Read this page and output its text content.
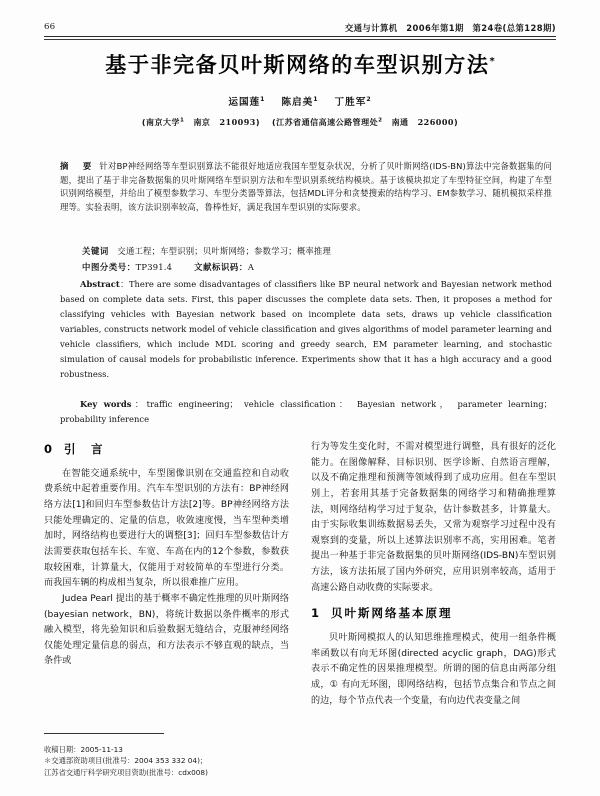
66	交通与计算机　2006年第1期　第24卷(总第128期)
基于非完备贝叶斯网络的车型识别方法*
运国莲$^1$ 陈启美$^1$ 丁胜军$^2$
(南京大学$^1$ 南京 210093) (江苏省通信高速公路管理处$^2$ 南通 226000)
摘　要 针对BP神经网络等车型识别算法不能很好地适应我国车型复杂状况，分析了贝叶斯网络(IDS-BN)算法中完备数据集的问题，提出了基于非完备数据集的贝叶斯网络车型识别方法和车型识别系统结构模块。基于该模块拟定了车型特征空间，构建了车型识别网络模型，并给出了模型参数学习、车型分类器等算法，包括MDL评分和贪婪搜索的结构学习、EM参数学习、随机模拟采样推理等。实验表明，该方法识别率较高，鲁棒性好，满足我国车型识别的实际要求。
关键词 交通工程；车型识别；贝叶斯网络；参数学习；概率推理
中图分类号：TP391.4	文献标识码：A
Abstract：There are some disadvantages of classifiers like BP neural network and Bayesian network method based on complete data sets. First, this paper discusses the complete data sets. Then, it proposes a method for classifying vehicles with Bayesian network based on incomplete data sets, draws up vehicle classification variables, constructs network model of vehicle classification and gives algorithms of model parameter learning and vehicle classifiers, which include MDL scoring and greedy search, EM parameter learning, and stochastic simulation of causal models for probabilistic inference. Experiments show that it has a high accuracy and a good robustness.
Key words：traffic engineering； vehicle classification： Bayesian network， parameter learning； probability inference
0 引　言

在智能交通系统中，车型图像识别在交通监控和自动收费系统中起着重要作用。汽车车型识别的方法有：BP神经网络方法[1]和回归车型参数估计方法[2]等。BP神经网络方法只能处理确定的、定量的信息，收敛速度慢，当车型种类增加时，网络结构也要进行大的调整[3]；回归车型参数估计方法需要获取包括车长、车宽、车高在内的12个参数，参数获取较困难，计算量大，仅能用于对较简单的车型进行分类。而我国车辆的构成相当复杂，所以很难推广应用。

Judea Pearl 提出的基于概率不确定性推理的贝叶斯网络(bayesian network，BN)，将统计数据以条件概率的形式融入模型，将先验知识和后验数据无缝结合，克服神经网络仅能处理定量信息的弱点，和方法表示不够直观的缺点，当条件或

行为等发生变化时，不需对模型进行调整，具有很好的泛化能力。在图像解释、目标识别、医学诊断、自然语言理解，以及不确定推理和预测等领域得到了成功应用。但在车型识别上，若套用其基于完备数据集的网络学习和精确推理算法，则网络结构学习过于复杂，估计参数甚多，计算量大。由于实际收集训练数据易丢失，又常为观察学习过程中没有观察到的变量，所以上述算法识别率不高，实用困难。笔者提出一种基于非完备数据集的贝叶斯网络(IDS-BN)车型识别方法，该方法拓展了国内外研究，应用识别率较高，适用于高速公路自动收费的实际要求。

1 贝叶斯网络基本原理

贝叶斯网模拟人的认知思维推理模式，使用一组条件概率函数以有向无环图(directed acyclic graph，DAG)形式表示不确定性的因果推理模型。所谓的图的信息由两部分组成，① 有向无环图，即网络结构，包括节点集合和节点之间的边，每个节点代表一个变量，有向边代表变量之间

收稿日期：2005-11-13
＊交通部资助项目(批准号：2004 353 332 04)；
江苏省交通厅科学研究项目资助(批准号：cdx008)
